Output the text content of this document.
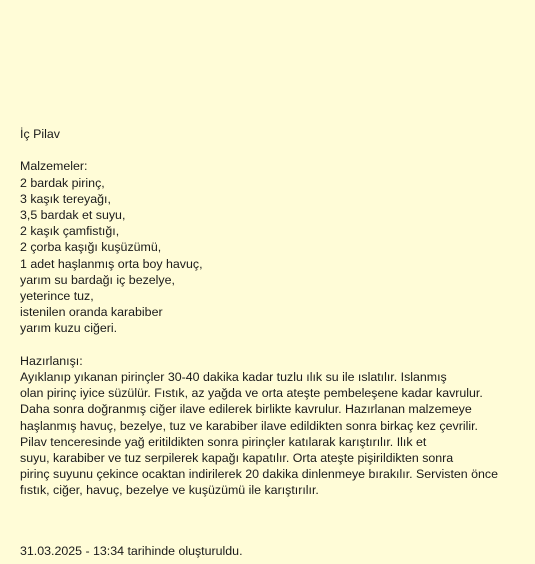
İç Pilav
Malzemeler:
2 bardak pirinç,
3 kaşık tereyağı,
3,5 bardak et suyu,
2 kaşık çamfistığı,
2 çorba kaşığı kuşüzümü,
1 adet haşlanmış orta boy havuç,
yarım su bardağı iç bezelye,
yeterince tuz,
istenilen oranda karabiber
yarım kuzu ciğeri.
Hazırlanışı:
Ayıklanıp yıkanan pirinçler 30-40 dakika kadar tuzlu ılık su ile ıslatılır. Islanmış
olan pirinç iyice süzülür. Fıstık, az yağda ve orta ateşte pembeleşene kadar kavrulur.
Daha sonra doğranmış ciğer ilave edilerek birlikte kavrulur. Hazırlanan malzemeye
haşlanmış havuç, bezelye, tuz ve karabiber ilave edildikten sonra birkaç kez çevrilir.
Pilav tenceresinde yağ eritildikten sonra pirinçler katılarak karıştırılır. Ilık et
suyu, karabiber ve tuz serpilerek kapağı kapatılır. Orta ateşte pişirildikten sonra
pirinç suyunu çekince ocaktan indirilerek 20 dakika dinlenmeye bırakılır. Servisten önce
fıstık, ciğer, havuç, bezelye ve kuşüzümü ile karıştırılır.
31.03.2025 - 13:34 tarihinde oluşturuldu.
